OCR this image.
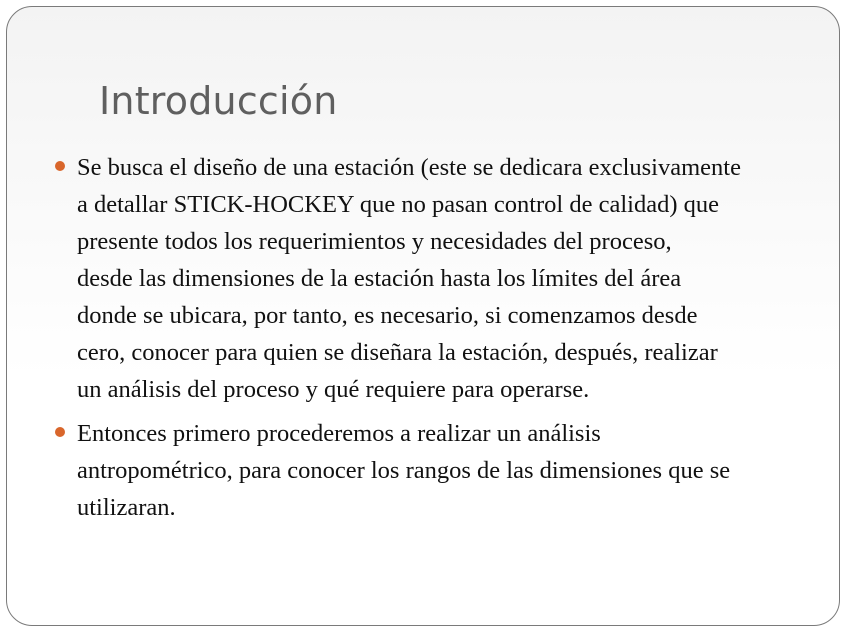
Introducción
Se busca el diseño de una estación (este se dedicara exclusivamente
a detallar STICK-HOCKEY que no pasan control de calidad) que
presente todos los requerimientos y necesidades del proceso,
desde las dimensiones de la estación hasta los límites del área
donde se ubicara, por tanto, es necesario, si comenzamos desde
cero, conocer para quien se diseñara la estación, después, realizar
un análisis del proceso y qué requiere para operarse.
Entonces primero procederemos a realizar un análisis
antropométrico, para conocer los rangos de las dimensiones que se
utilizaran.
